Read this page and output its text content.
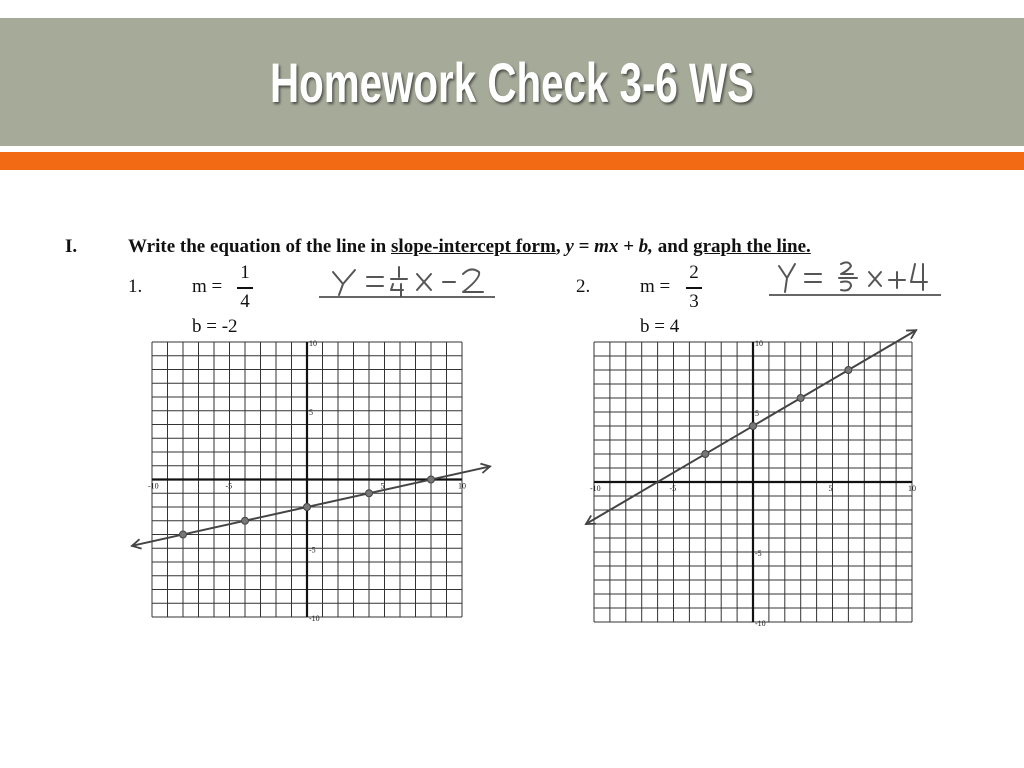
Homework Check 3-6 WS
I.	Write the equation of the line in slope-intercept form, y = mx + b, and graph the line.
1.	m =
1
4
b = -2
2.	m =
2
3
b = 4
-10	-5	5	10
10
5
-5
-10
-10	-5	5	10
10
5
-5
-10
